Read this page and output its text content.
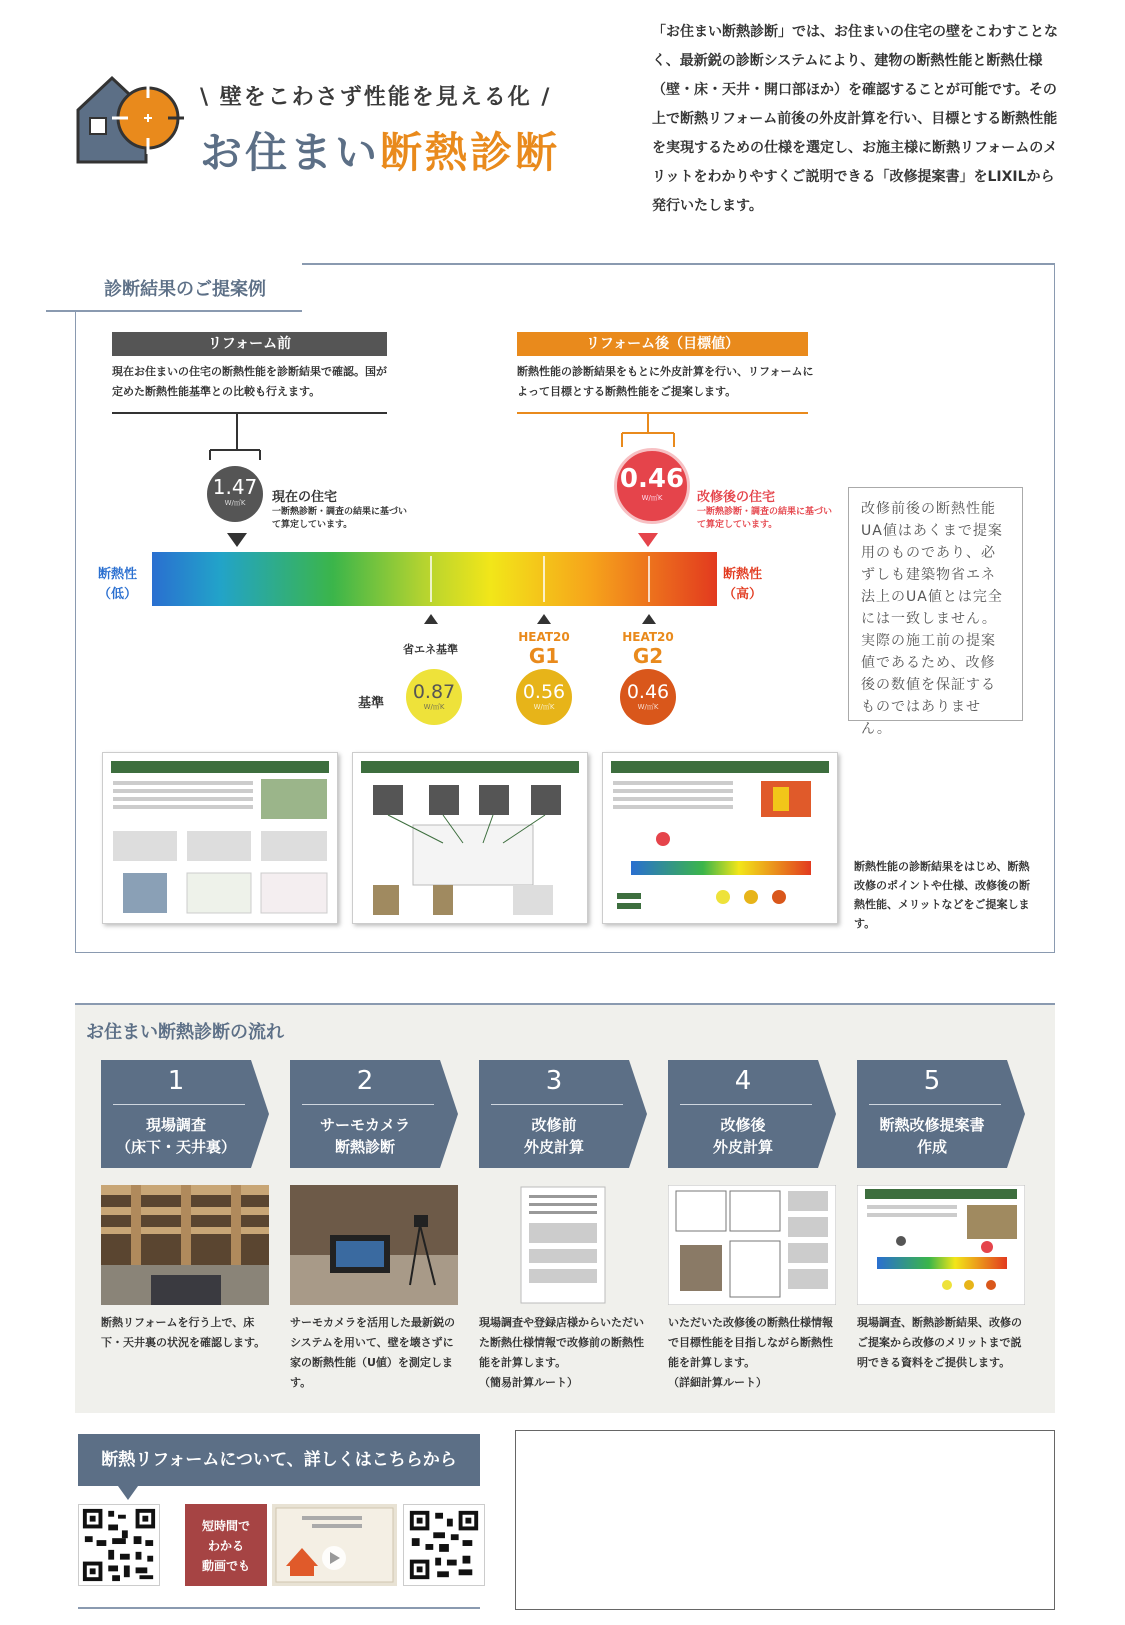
\ 壁をこわさず性能を見える化 /
お住まい断熱診断
「お住まい断熱診断」では、お住まいの住宅の壁をこわすことなく、最新鋭の診断システムにより、建物の断熱性能と断熱仕様（壁・床・天井・開口部ほか）を確認することが可能です。その上で断熱リフォーム前後の外皮計算を行い、目標とする断熱性能を実現するための仕様を選定し、お施主様に断熱リフォームのメリットをわかりやすくご説明できる「改修提案書」をLIXILから発行いたします。
診断結果のご提案例
リフォーム前	リフォーム後（目標値）
現在お住まいの住宅の断熱性能を診断結果で確認。国が定めた断熱性能基準との比較も行えます。
断熱性能の診断結果をもとに外皮計算を行い、リフォームによって目標とする断熱性能をご提案します。
1.47
W/㎡K	現在の住宅
一断熱診断・調査の結果に基づいて算定しています。
0.46
W/㎡K	改修後の住宅
一断熱診断・調査の結果に基づいて算定しています。
断熱性
（低）
断熱性
（高）
省エネ基準
HEAT20
G1
HEAT20
G2
基準
0.87
W/㎡K
0.56
W/㎡K
0.46
W/㎡K
改修前後の断熱性能UA値はあくまで提案用のものであり、必ずしも建築物省エネ法上のUA値とは完全には一致しません。実際の施工前の提案値であるため、改修後の数値を保証するものではありません。
断熱性能の診断結果をはじめ、断熱改修のポイントや仕様、改修後の断熱性能、メリットなどをご提案します。
お住まい断熱診断の流れ
1
現場調査
（床下・天井裏）
2
サーモカメラ
断熱診断
3
改修前
外皮計算
4
改修後
外皮計算
5
断熱改修提案書
作成
断熱リフォームを行う上で、床下・天井裏の状況を確認します。
サーモカメラを活用した最新鋭のシステムを用いて、壁を壊さずに家の断熱性能（U値）を測定します。
現場調査や登録店様からいただいた断熱仕様情報で改修前の断熱性能を計算します。
（簡易計算ルート）
いただいた改修後の断熱仕様情報で目標性能を目指しながら断熱性能を計算します。
（詳細計算ルート）
現場調査、断熱診断結果、改修のご提案から改修のメリットまで説明できる資料をご提供します。
断熱リフォームについて、詳しくはこちらから
短時間で
わかる
動画でも
